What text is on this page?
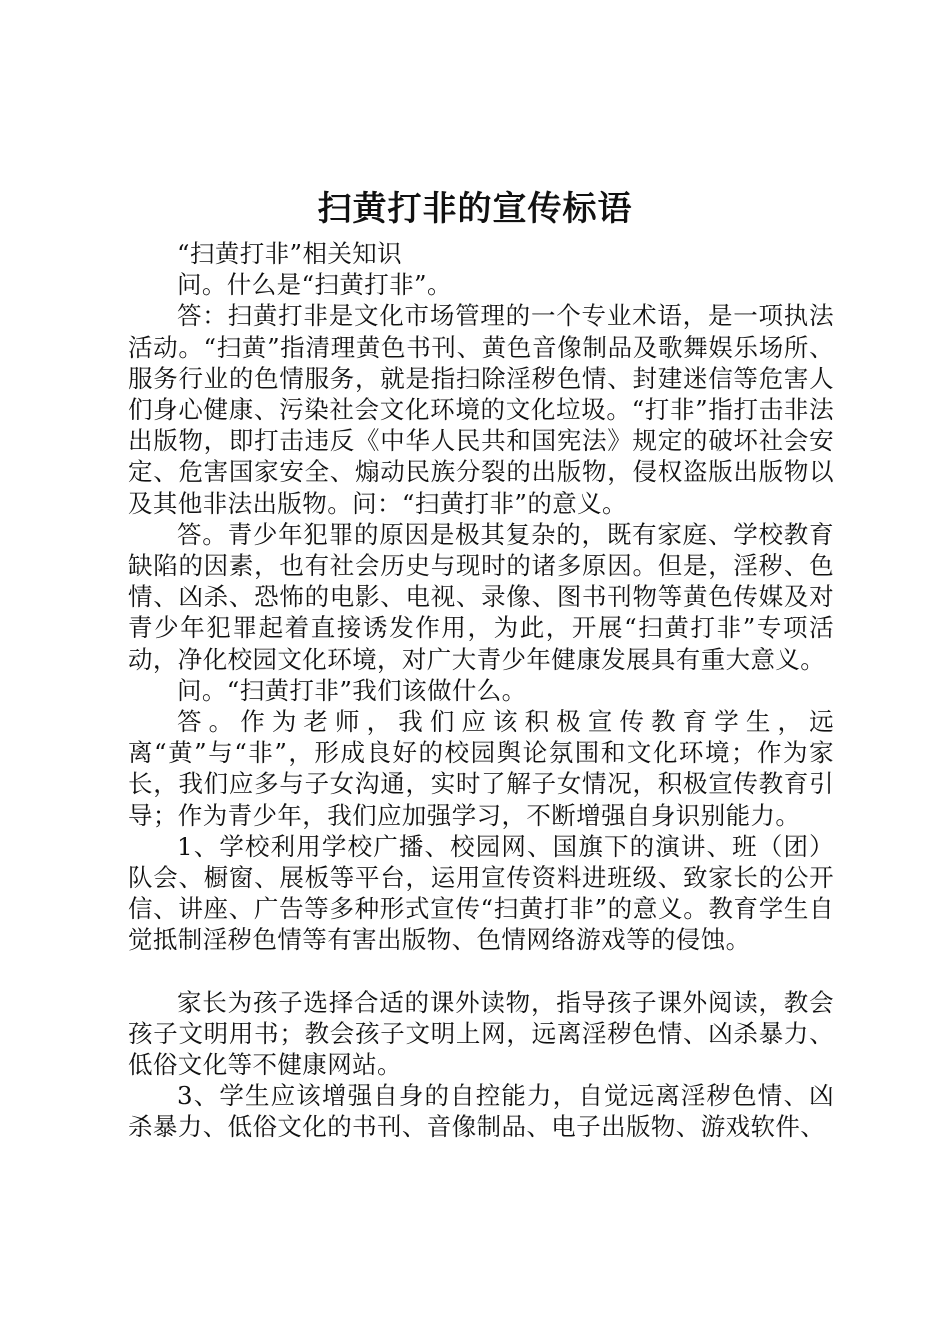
扫黄打非的宣传标语

“扫黄打非”相关知识

问。什么是“扫黄打非”。

答：扫黄打非是文化市场管理的一个专业术语，是一项执法活动。“扫黄”指清理黄色书刊、黄色音像制品及歌舞娱乐场所、服务行业的色情服务，就是指扫除淫秽色情、封建迷信等危害人们身心健康、污染社会文化环境的文化垃圾。“打非”指打击非法出版物，即打击违反《中华人民共和国宪法》规定的破坏社会安定、危害国家安全、煽动民族分裂的出版物，侵权盗版出版物以及其他非法出版物。问：“扫黄打非”的意义。

答。青少年犯罪的原因是极其复杂的，既有家庭、学校教育缺陷的因素，也有社会历史与现时的诸多原因。但是，淫秽、色情、凶杀、恐怖的电影、电视、录像、图书刊物等黄色传媒及对青少年犯罪起着直接诱发作用，为此，开展“扫黄打非”专项活动，净化校园文化环境，对广大青少年健康发展具有重大意义。

问。“扫黄打非”我们该做什么。

答。作为老师，我们应该积极宣传教育学生，远离“黄”与“非”，形成良好的校园舆论氛围和文化环境；作为家长，我们应多与子女沟通，实时了解子女情况，积极宣传教育引导；作为青少年，我们应加强学习，不断增强自身识别能力。

1、学校利用学校广播、校园网、国旗下的演讲、班（团）队会、橱窗、展板等平台，运用宣传资料进班级、致家长的公开信、讲座、广告等多种形式宣传“扫黄打非”的意义。教育学生自觉抵制淫秽色情等有害出版物、色情网络游戏等的侵蚀。

家长为孩子选择合适的课外读物，指导孩子课外阅读，教会孩子文明用书；教会孩子文明上网，远离淫秽色情、凶杀暴力、低俗文化等不健康网站。

3、学生应该增强自身的自控能力，自觉远离淫秽色情、凶杀暴力、低俗文化的书刊、音像制品、电子出版物、游戏软件、
